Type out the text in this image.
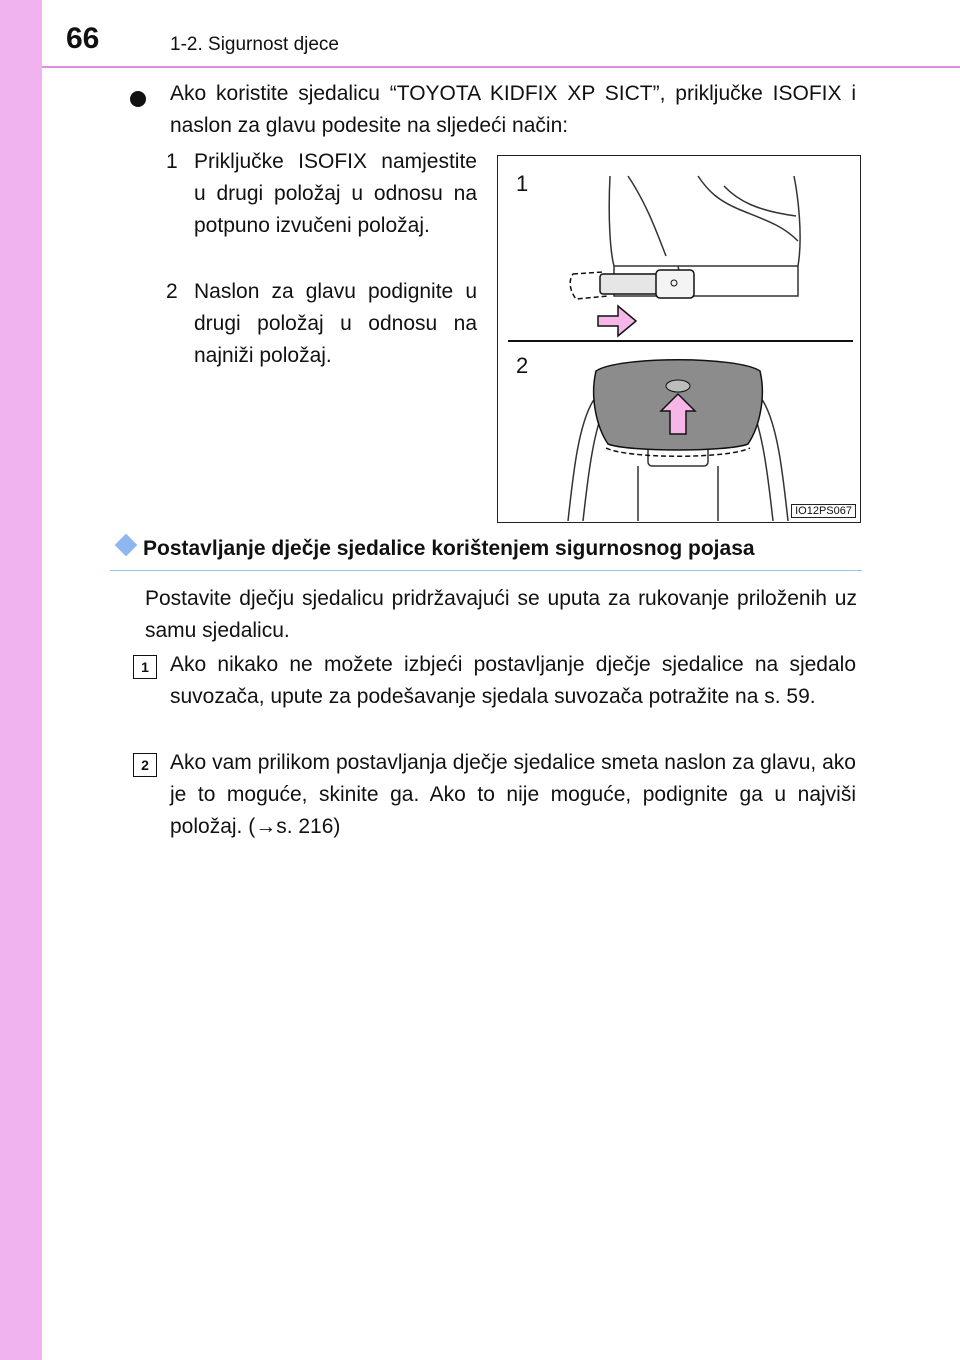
66	1-2. Sigurnost djece
Ako koristite sjedalicu “TOYOTA KIDFIX XP SICT”, priključke ISOFIX i naslon za glavu podesite na sljedeći način:
1 Priključke ISOFIX namjestite u drugi položaj u odnosu na potpuno izvučeni položaj.
2 Naslon za glavu podignite u drugi položaj u odnosu na najniži položaj.
1
2
IO12PS067
Postavljanje dječje sjedalice korištenjem sigurnosnog pojasa
Postavite dječju sjedalicu pridržavajući se uputa za rukovanje priloženih uz samu sjedalicu.
1	Ako nikako ne možete izbjeći postavljanje dječje sjedalice na sjedalo suvozača, upute za podešavanje sjedala suvozača potražite na s. 59.
2	Ako vam prilikom postavljanja dječje sjedalice smeta naslon za glavu, ako je to moguće, skinite ga. Ako to nije moguće, podignite ga u najviši položaj. (→s. 216)
